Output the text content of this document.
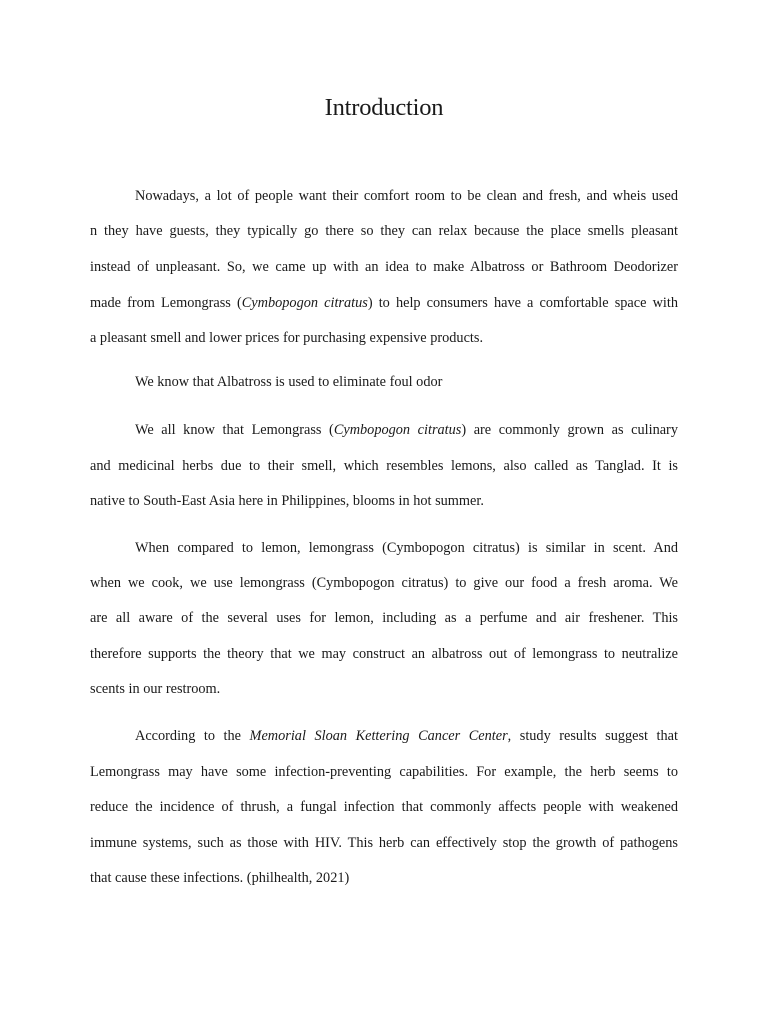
Introduction

Nowadays, a lot of people want their comfort room to be clean and fresh, and wheis used

n they have guests, they typically go there so they can relax because the place smells pleasant

instead of unpleasant. So, we came up with an idea to make Albatross or Bathroom Deodorizer

made from Lemongrass (Cymbopogon citratus) to help consumers have a comfortable space with

a pleasant smell and lower prices for purchasing expensive products.

We know that Albatross is used to eliminate foul odor

We all know that Lemongrass (Cymbopogon citratus) are commonly grown as culinary

and medicinal herbs due to their smell, which resembles lemons, also called as Tanglad. It is

native to South-East Asia here in Philippines, blooms in hot summer.

When compared to lemon, lemongrass (Cymbopogon citratus) is similar in scent. And

when we cook, we use lemongrass (Cymbopogon citratus) to give our food a fresh aroma. We

are all aware of the several uses for lemon, including as a perfume and air freshener. This

therefore supports the theory that we may construct an albatross out of lemongrass to neutralize

scents in our restroom.

According to the Memorial Sloan Kettering Cancer Center, study results suggest that

Lemongrass may have some infection-preventing capabilities. For example, the herb seems to

reduce the incidence of thrush, a fungal infection that commonly affects people with weakened

immune systems, such as those with HIV. This herb can effectively stop the growth of pathogens

that cause these infections. (philhealth, 2021)
